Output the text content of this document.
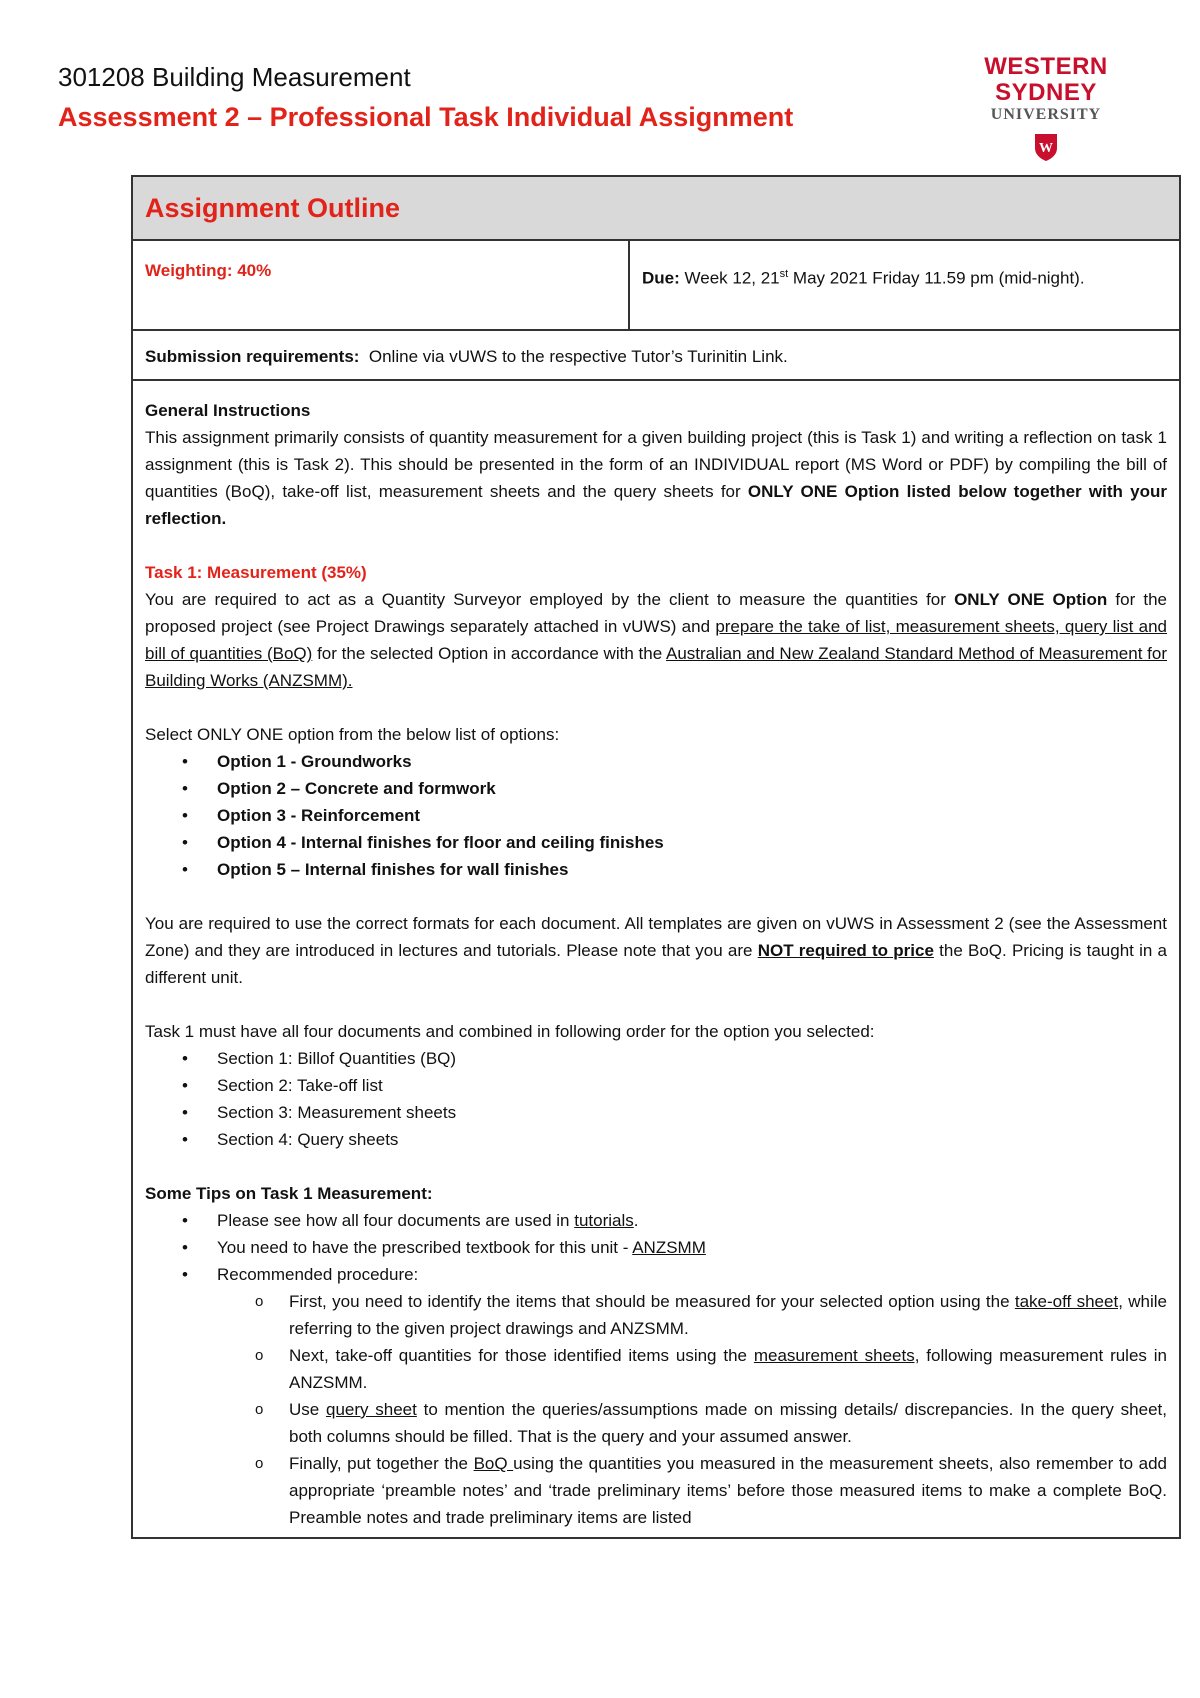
301208 Building Measurement
Assessment 2 – Professional Task Individual Assignment
WESTERN SYDNEY
UNIVERSITY
W
Assignment Outline
Weighting: 40%	Due: Week 12, 21st May 2021 Friday 11.59 pm (mid-night).
Submission requirements:  Online via vUWS to the respective Tutor’s Turinitin Link.

General Instructions

This assignment primarily consists of quantity measurement for a given building project (this is Task 1) and writing a reflection on task 1 assignment (this is Task 2). This should be presented in the form of an INDIVIDUAL report (MS Word or PDF) by compiling the bill of quantities (BoQ), take-off list, measurement sheets and the query sheets for ONLY ONE Option listed below together with your reflection.

Task 1: Measurement (35%)

You are required to act as a Quantity Surveyor employed by the client to measure the quantities for ONLY ONE Option for the proposed project (see Project Drawings separately attached in vUWS) and prepare the take of list, measurement sheets, query list and bill of quantities (BoQ) for the selected Option in accordance with the Australian and New Zealand Standard Method of Measurement for Building Works (ANZSMM).

Select ONLY ONE option from the below list of options:

• Option 1 - Groundworks
• Option 2 – Concrete and formwork
• Option 3 - Reinforcement
• Option 4 - Internal finishes for floor and ceiling finishes
• Option 5 – Internal finishes for wall finishes

You are required to use the correct formats for each document. All templates are given on vUWS in Assessment 2 (see the Assessment Zone) and they are introduced in lectures and tutorials. Please note that you are NOT required to price the BoQ. Pricing is taught in a different unit.

Task 1 must have all four documents and combined in following order for the option you selected:

• Section 1: Billof Quantities (BQ)
• Section 2: Take-off list
• Section 3: Measurement sheets
• Section 4: Query sheets

Some Tips on Task 1 Measurement:

• Please see how all four documents are used in tutorials.
• You need to have the prescribed textbook for this unit - ANZSMM
• Recommended procedure:
o First, you need to identify the items that should be measured for your selected option using the take-off sheet, while referring to the given project drawings and ANZSMM.
o Next, take-off quantities for those identified items using the measurement sheets, following measurement rules in ANZSMM.
o Use query sheet to mention the queries/assumptions made on missing details/ discrepancies. In the query sheet, both columns should be filled. That is the query and your assumed answer.
o Finally, put together the BoQ using the quantities you measured in the measurement sheets, also remember to add appropriate ‘preamble notes’ and ‘trade preliminary items’ before those measured items to make a complete BoQ. Preamble notes and trade preliminary items are listed
